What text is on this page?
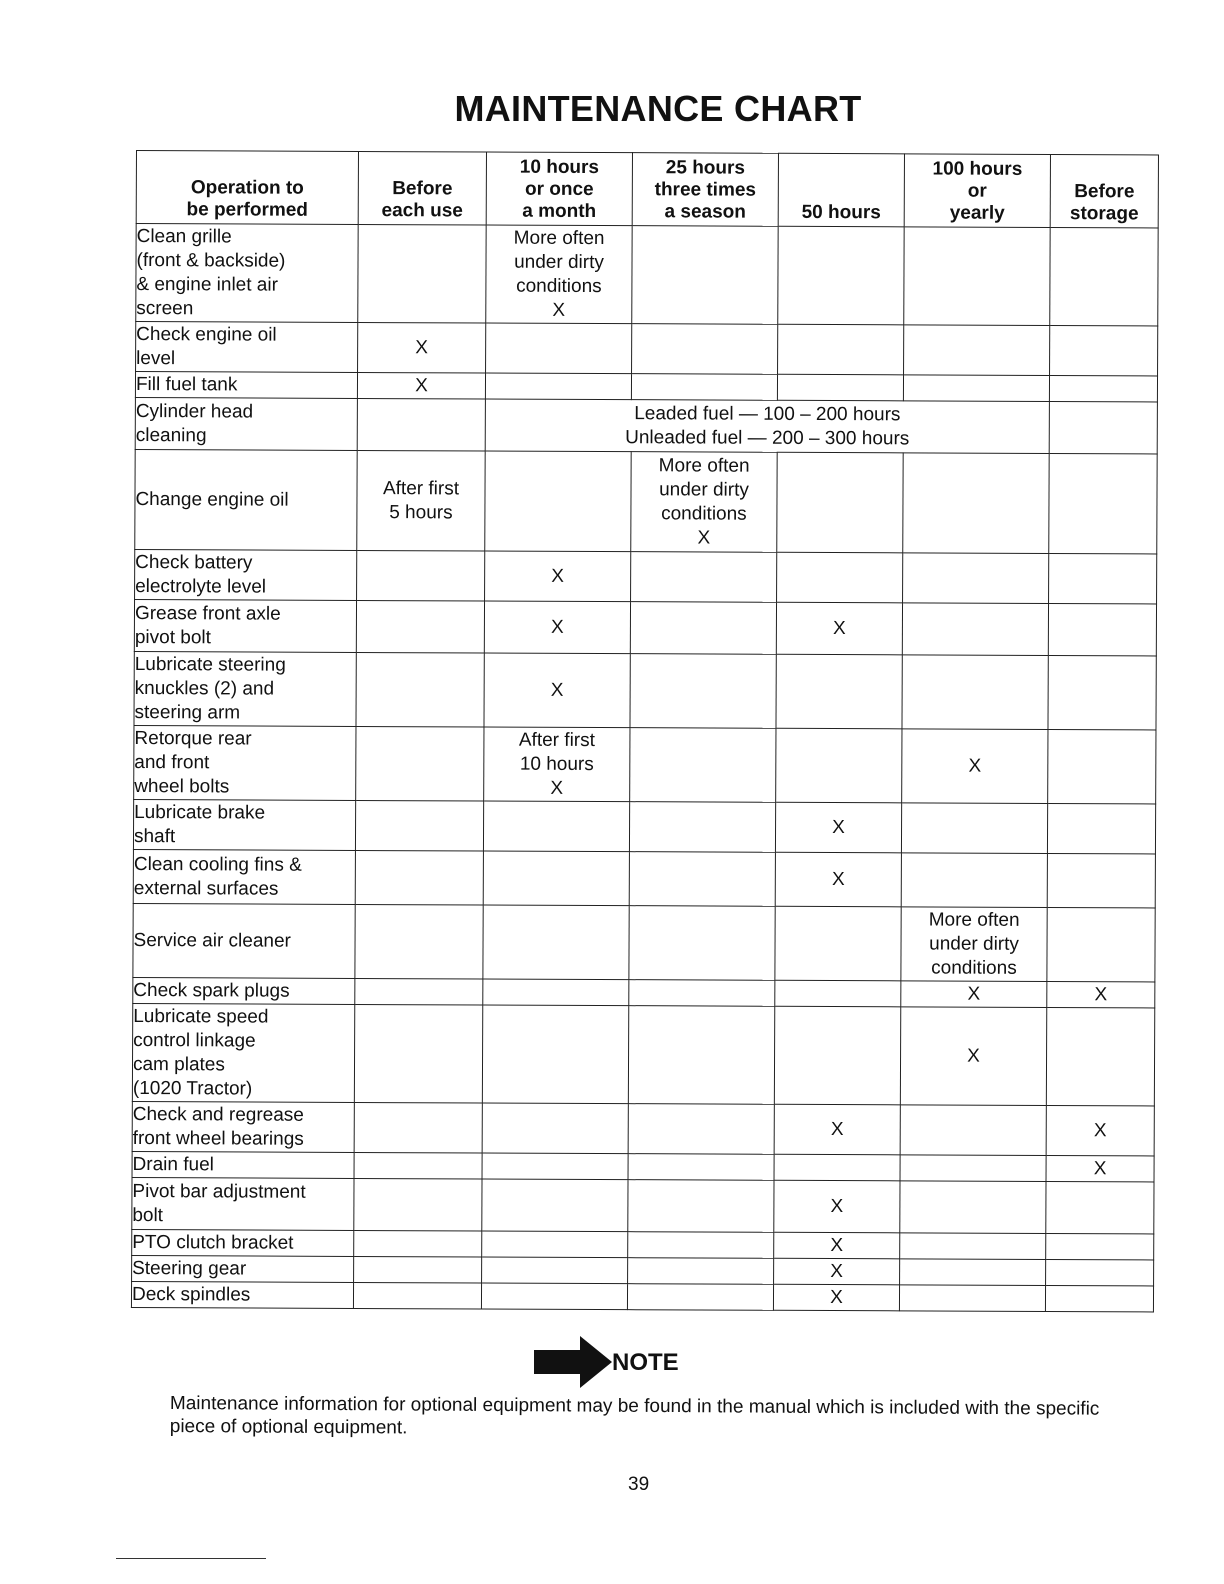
MAINTENANCE CHART
Operation to
be performed	Before
each use	10 hours
or once
a month	25 hours
three times
a season	50 hours	100 hours
or
yearly	Before
storage

Clean grille
(front & backside)
& engine inlet air
screen		More often
under dirty
conditions
X				

Check engine oil
level	X					

Fill fuel tank	X					

Cylinder head
cleaning		Leaded fuel — 100 – 200 hours
Unleaded fuel — 200 – 300 hours				

Change engine oil	After first
5 hours		More often
under dirty
conditions
X			

Check battery
electrolyte level		X				

Grease front axle
pivot bolt		X		X		

Lubricate steering
knuckles (2) and
steering arm		X				

Retorque rear
and front
wheel bolts		After first
10 hours
X			X	

Lubricate brake
shaft				X		

Clean cooling fins &
external surfaces				X		

Service air cleaner					More often
under dirty
conditions	

Check spark plugs					X	X

Lubricate speed
control linkage
cam plates
(1020 Tractor)					X	

Check and regrease
front wheel bearings				X		X

Drain fuel						X

Pivot bar adjustment
bolt				X		

PTO clutch bracket				X		

Steering gear				X		

Deck spindles				X		

NOTE
Maintenance information for optional equipment may be found in the manual which is included with the specific piece of optional equipment.
39
